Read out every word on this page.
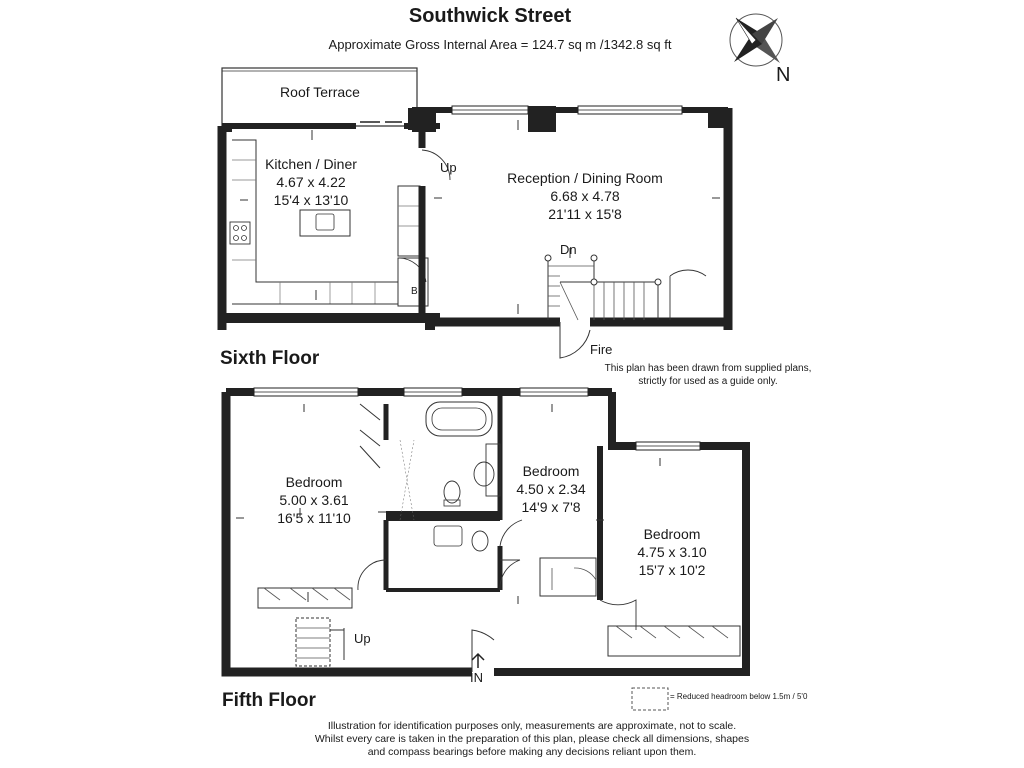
Southwick Street
Approximate Gross Internal Area = 124.7 sq m /1342.8 sq ft
N
Roof Terrace
Kitchen / Diner
4.67 x 4.22
15'4 x 13'10
Reception / Dining Room
6.68 x 4.78
21'11 x 15'8
Up
Dn
Fire
B
Sixth Floor	This plan has been drawn from supplied plans,
strictly for used as a guide only.
Bedroom
5.00 x 3.61
16'5 x 11'10
Bedroom
4.50 x 2.34
14'9 x 7'8
Bedroom
4.75 x 3.10
15'7 x 10'2
Up
IN
Fifth Floor	= Reduced headroom below 1.5m / 5'0
Illustration for identification purposes only, measurements are approximate, not to scale.
Whilst every care is taken in the preparation of this plan, please check all dimensions, shapes
and compass bearings before making any decisions reliant upon them.
